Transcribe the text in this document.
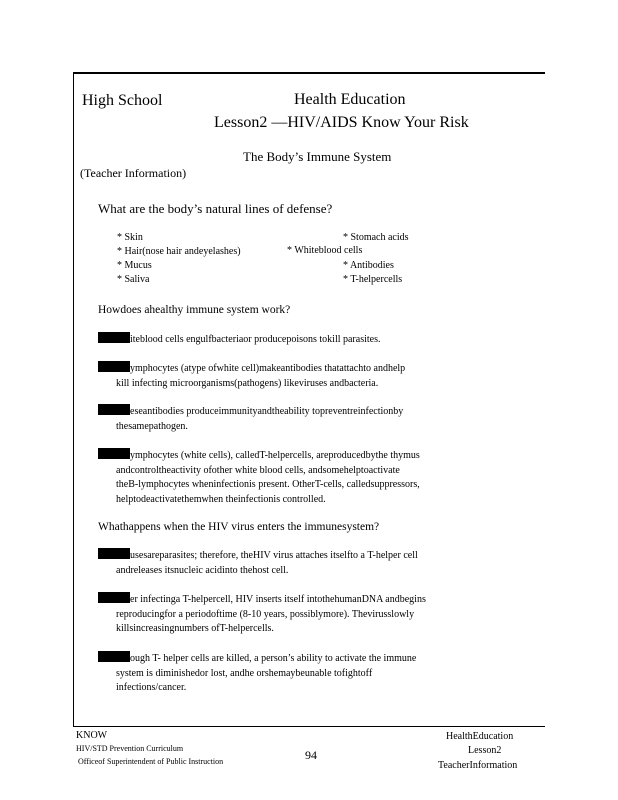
High School	Health Education
Lesson2 —HIV/AIDS Know Your Risk
The Body’s Immune System
(Teacher Information)
What are the body’s natural lines of defense?
* Skin
* Hair(nose hair andeyelashes)
* Mucus
* Saliva
* Whiteblood cells
* Stomach acids
* Antibodies
* T-helpercells
Howdoes ahealthy immune system work?
iteblood cells engulfbacteriaor producepoisons tokill parasites.
ymphocytes (atype ofwhite cell)makeantibodies thatattachto andhelp
kill infecting microorganisms(pathogens) likeviruses andbacteria.
eseantibodies produceimmunityandtheability topreventreinfectionby
thesamepathogen.
ymphocytes (white cells), calledT-helpercells, areproducedbythe thymus
andcontroltheactivity ofother white blood cells, andsomehelptoactivate
theB-lymphocytes wheninfectionis present. OtherT-cells, calledsuppressors,
helptodeactivatethemwhen theinfectionis controlled.
Whathappens when the HIV virus enters the immunesystem?
usesareparasites; therefore, theHIV virus attaches itselfto a T-helper cell
andreleases itsnucleic acidinto thehost cell.
er infectinga T-helpercell, HIV inserts itself intothehumanDNA andbegins
reproducingfor a periodoftime (8-10 years, possiblymore). Thevirusslowly
killsincreasingnumbers ofT-helpercells.
ough T- helper cells are killed, a person’s ability to activate the immune
system is diminishedor lost, andhe orshemaybeunable tofightoff
infections/cancer.
KNOW
HIV/STD Prevention Curriculum
Officeof Superintendent of Public Instruction	94
HealthEducation
Lesson2
TeacherInformation
